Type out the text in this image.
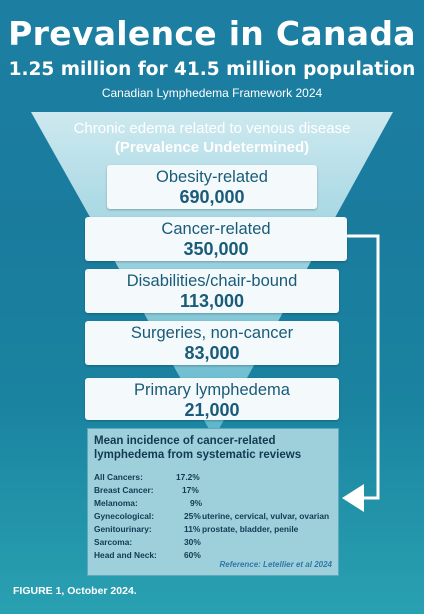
Prevalence in Canada
1.25 million for 41.5 million population
Canadian Lymphedema Framework 2024
Chronic edema related to venous disease
(Prevalence Undetermined)
Obesity-related
690,000
Cancer-related
350,000
Disabilities/chair-bound
113,000
Surgeries, non-cancer
83,000
Primary lymphedema
21,000
Mean incidence of cancer-related
lymphedema from systematic reviews
All Cancers:	17.2%
Breast Cancer:	17%
Melanoma:	9%
Gynecological:	25% uterine, cervical, vulvar, ovarian
Genitourinary:	11% prostate, bladder, penile
Sarcoma:	30%
Head and Neck:	60%
Reference: Letellier et al 2024
FIGURE 1, October 2024.
